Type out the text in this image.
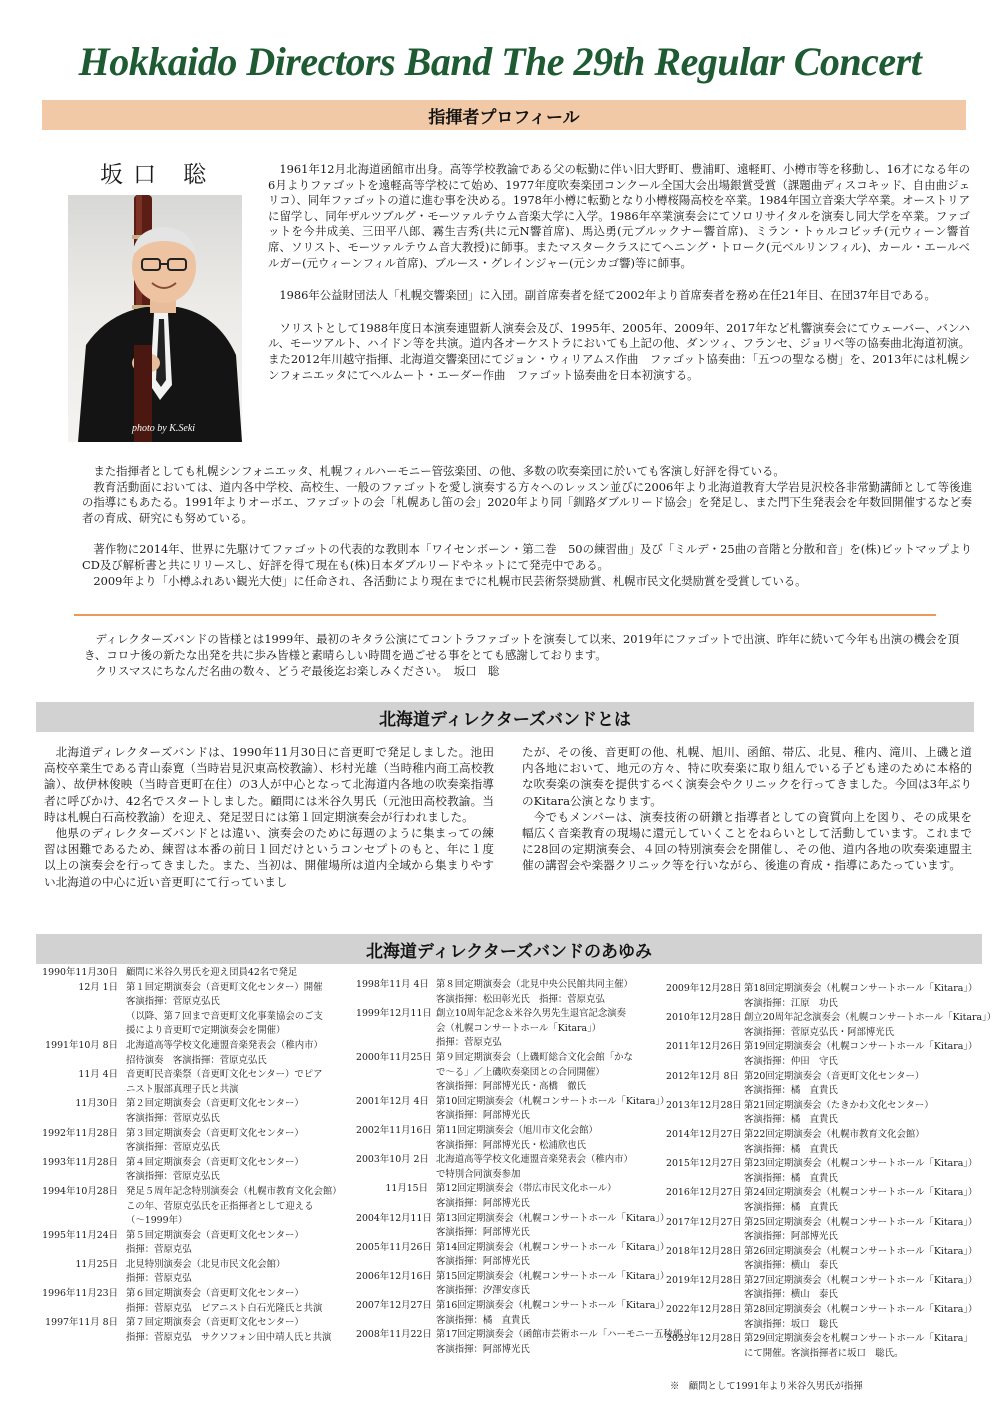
Hokkaido Directors Band The 29th Regular Concert
指揮者プロフィール
坂口 聡
photo by K.Seki

1961年12月北海道函館市出身。高等学校教諭である父の転勤に伴い旧大野町、豊浦町、遠軽町、小樽市等を移動し、16才になる年の6月よりファゴットを遠軽高等学校にて始め、1977年度吹奏楽団コンクール全国大会出場銀賞受賞（課題曲ディスコキッド、自由曲ジェリコ）、同年ファゴットの道に進む事を決める。1978年小樽に転勤となり小樽桜陽高校を卒業。1984年国立音楽大学卒業。オーストリアに留学し、同年ザルツブルグ・モーツァルテウム音楽大学に入学。1986年卒業演奏会にてソロリサイタルを演奏し同大学を卒業。ファゴットを今井成美、三田平八郎、霧生吉秀(共に元N響首席)、馬込勇(元ブルックナー響首席)、ミラン・トゥルコビッチ(元ウィーン響首席、ソリスト、モーツァルテウム音大教授)に師事。またマスタークラスにてヘニング・トローク(元ベルリンフィル)、カール・エールベルガー(元ウィーンフィル首席)、ブルース・グレインジャー(元シカゴ響)等に師事。

1986年公益財団法人「札幌交響楽団」に入団。副首席奏者を経て2002年より首席奏者を務め在任21年目、在団37年目である。

ソリストとして1988年度日本演奏連盟新人演奏会及び、1995年、2005年、2009年、2017年など札響演奏会にてウェーバー、バンハル、モーツアルト、ハイドン等を共演。道内各オーケストラにおいても上記の他、ダンツィ、フランセ、ジョリベ等の協奏曲北海道初演。また2012年川越守指揮、北海道交響楽団にてジョン・ウィリアムス作曲　ファゴット協奏曲：「五つの聖なる樹」を、2013年には札幌シンフォニエッタにてヘルムート・エーダー作曲　ファゴット協奏曲を日本初演する。

また指揮者としても札幌シンフォニエッタ、札幌フィルハーモニー管弦楽団、の他、多数の吹奏楽団に於いても客演し好評を得ている。

教育活動面においては、道内各中学校、高校生、一般のファゴットを愛し演奏する方々へのレッスン並びに2006年より北海道教育大学岩見沢校各非常勤講師として等後進の指導にもあたる。1991年よりオーボエ、ファゴットの会「札幌あし笛の会」2020年より同「釧路ダブルリード協会」を発足し、また門下生発表会を年数回開催するなど奏者の育成、研究にも努めている。

著作物に2014年、世界に先駆けてファゴットの代表的な教則本「ワイセンボーン・第二巻　50の練習曲」及び「ミルデ・25曲の音階と分散和音」を(株)ビットマップよりCD及び解析書と共にリリースし、好評を得て現在も(株)日本ダブルリードやネットにて発売中である。

2009年より「小樽ふれあい観光大使」に任命され、各活動により現在までに札幌市民芸術祭奨励賞、札幌市民文化奨励賞を受賞している。

ディレクターズバンドの皆様とは1999年、最初のキタラ公演にてコントラファゴットを演奏して以来、2019年にファゴットで出演、昨年に続いて今年も出演の機会を頂き、コロナ後の新たな出発を共に歩み皆様と素晴らしい時間を過ごせる事をとても感謝しております。

クリスマスにちなんだ名曲の数々、どうぞ最後迄お楽しみください。　坂口　聡

北海道ディレクターズバンドとは

北海道ディレクターズバンドは、1990年11月30日に音更町で発足しました。池田高校卒業生である青山泰寛（当時岩見沢東高校教諭）、杉村光雄（当時稚内商工高校教諭）、故伊林俊映（当時音更町在住）の3人が中心となって北海道内各地の吹奏楽指導者に呼びかけ、42名でスタートしました。顧問には米谷久男氏（元池田高校教諭。当時は札幌白石高校教諭）を迎え、発足翌日には第１回定期演奏会が行われました。

他県のディレクターズバンドとは違い、演奏会のために毎週のように集まっての練習は困難であるため、練習は本番の前日１回だけというコンセプトのもと、年に１度以上の演奏会を行ってきました。また、当初は、開催場所は道内全域から集まりやすい北海道の中心に近い音更町にて行っていまし

たが、その後、音更町の他、札幌、旭川、函館、帯広、北見、稚内、滝川、上磯と道内各地において、地元の方々、特に吹奏楽に取り組んでいる子ども達のために本格的な吹奏楽の演奏を提供するべく演奏会やクリニックを行ってきました。今回は3年ぶりのKitara公演となります。

今でもメンバーは、演奏技術の研鑽と指導者としての資質向上を図り、その成果を幅広く音楽教育の現場に還元していくことをねらいとして活動しています。これまでに28回の定期演奏会、４回の特別演奏会を開催し、その他、道内各地の吹奏楽連盟主催の講習会や楽器クリニック等を行いながら、後進の育成・指導にあたっています。

北海道ディレクターズバンドのあゆみ
1990年11月30日 顧問に米谷久男氏を迎え団員42名で発足
12月 1日 第１回定期演奏会（音更町文化センター）開催
客演指揮：菅原克弘氏
（以降、第７回まで音更町文化事業協会のご支
援により音更町で定期演奏会を開催）
1991年10月 8日 北海道高等学校文化連盟音楽発表会（稚内市）
招待演奏　客演指揮：菅原克弘氏
11月 4日 音更町民音楽祭（音更町文化センター）でピア
ニスト服部真理子氏と共演
11月30日 第２回定期演奏会（音更町文化センター）
客演指揮：菅原克弘氏
1992年11月28日 第３回定期演奏会（音更町文化センター）
客演指揮：菅原克弘氏
1993年11月28日 第４回定期演奏会（音更町文化センター）
客演指揮：菅原克弘氏
1994年10月28日 発足５周年記念特別演奏会（札幌市教育文化会館）
この年、菅原克弘氏を正指揮者として迎える
（～1999年）
1995年11月24日 第５回定期演奏会（音更町文化センター）
指揮：菅原克弘
11月25日 北見特別演奏会（北見市民文化会館）
指揮：菅原克弘
1996年11月23日 第６回定期演奏会（音更町文化センター）
指揮：菅原克弘　ピアニスト白石光隆氏と共演
1997年11月 8日 第７回定期演奏会（音更町文化センター）
指揮：菅原克弘　サクソフォン田中靖人氏と共演
1998年11月 4日 第８回定期演奏会（北見中央公民館共同主催）
客演指揮：松田彰光氏　指揮：菅原克弘
1999年12月11日 創立10周年記念＆米谷久男先生退官記念演奏
会（札幌コンサートホール「Kitara」）
指揮：菅原克弘
2000年11月25日 第９回定期演奏会（上磯町総合文化会館「かな
で～る」／上磯吹奏楽団との合同開催）
客演指揮：阿部博光氏・高橋　徹氏
2001年12月 4日 第10回定期演奏会（札幌コンサートホール「Kitara」）
客演指揮：阿部博光氏
2002年11月16日 第11回定期演奏会（旭川市文化会館）
客演指揮：阿部博光氏・松浦欣也氏
2003年10月 2日 北海道高等学校文化連盟音楽発表会（稚内市）
で特別合同演奏参加
11月15日 第12回定期演奏会（帯広市民文化ホール）
客演指揮：阿部博光氏
2004年12月11日 第13回定期演奏会（札幌コンサートホール「Kitara」）
客演指揮：阿部博光氏
2005年11月26日 第14回定期演奏会（札幌コンサートホール「Kitara」）
客演指揮：阿部博光氏
2006年12月16日 第15回定期演奏会（札幌コンサートホール「Kitara」）
客演指揮：汐澤安彦氏
2007年12月27日 第16回定期演奏会（札幌コンサートホール「Kitara」）
客演指揮：橘　直貴氏
2008年11月22日 第17回定期演奏会（函館市芸術ホール「ハーモニー五稜郭」）
客演指揮：阿部博光氏
2009年12月28日 第18回定期演奏会（札幌コンサートホール「Kitara」）
客演指揮：江原　功氏
2010年12月28日 創立20周年記念演奏会（札幌コンサートホール「Kitara」）
客演指揮：菅原克弘氏・阿部博光氏
2011年12月26日 第19回定期演奏会（札幌コンサートホール「Kitara」）
客演指揮：仲田　守氏
2012年12月 8日 第20回定期演奏会（音更町文化センター）
客演指揮：橘　直貴氏
2013年12月28日 第21回定期演奏会（たきかわ文化センター）
客演指揮：橘　直貴氏
2014年12月27日 第22回定期演奏会（札幌市教育文化会館）
客演指揮：橘　直貴氏
2015年12月27日 第23回定期演奏会（札幌コンサートホール「Kitara」）
客演指揮：橘　直貴氏
2016年12月27日 第24回定期演奏会（札幌コンサートホール「Kitara」）
客演指揮：橘　直貴氏
2017年12月27日 第25回定期演奏会（札幌コンサートホール「Kitara」）
客演指揮：阿部博光氏
2018年12月28日 第26回定期演奏会（札幌コンサートホール「Kitara」）
客演指揮：横山　泰氏
2019年12月28日 第27回定期演奏会（札幌コンサートホール「Kitara」）
客演指揮：横山　泰氏
2022年12月28日 第28回定期演奏会（札幌コンサートホール「Kitara」）
客演指揮：坂口　聡氏
2023年12月28日 第29回定期演奏会を札幌コンサートホール「Kitara」
にて開催。客演指揮者に坂口　聡氏。
※　顧問として1991年より米谷久男氏が指揮
